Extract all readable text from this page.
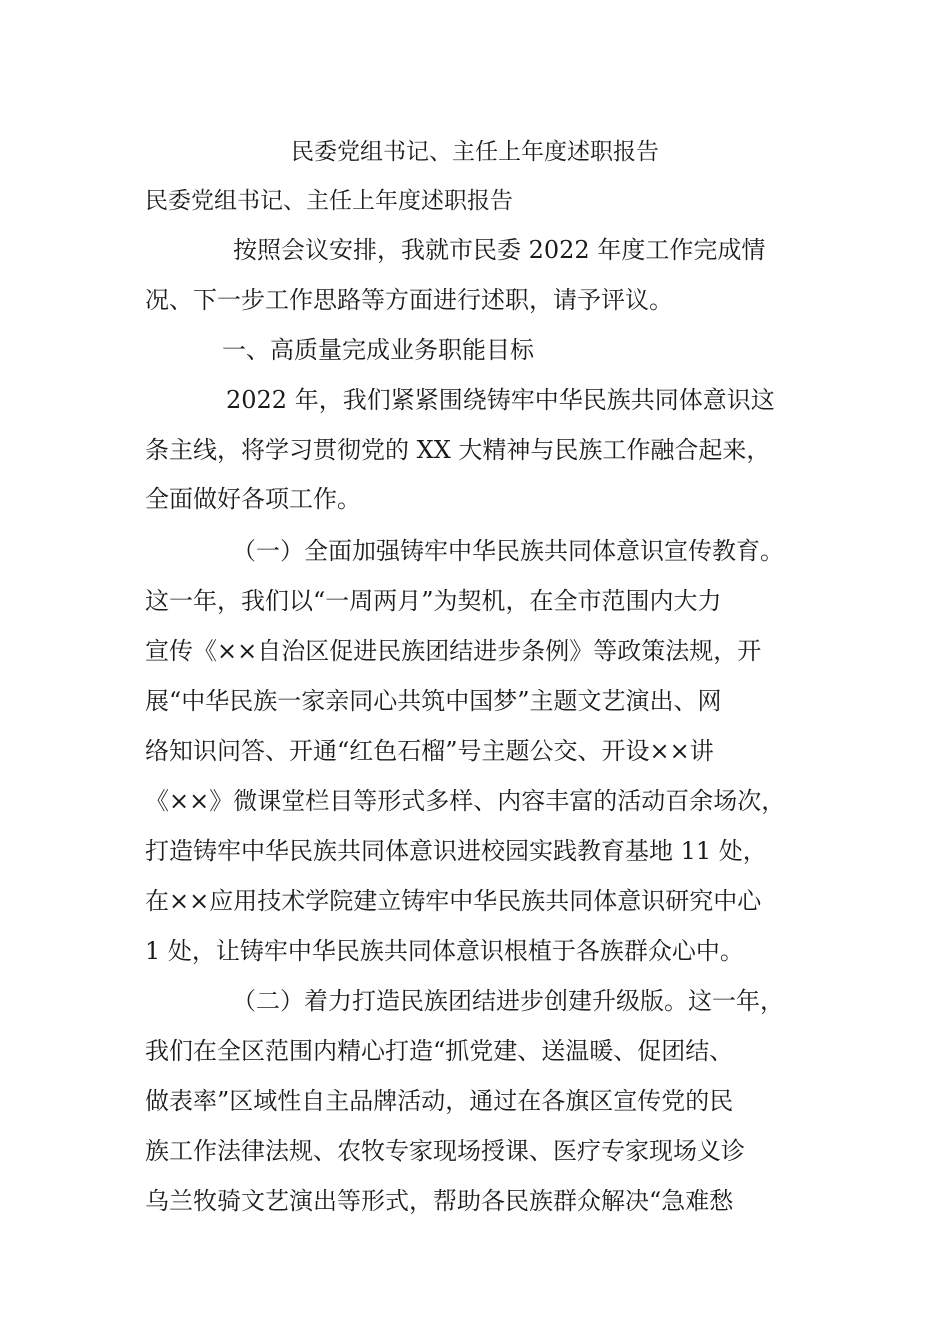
民委党组书记、主任上年度述职报告
民委党组书记、主任上年度述职报告
按照会议安排，我就市民委 2022 年度工作完成情
况、下一步工作思路等方面进行述职，请予评议。
一、高质量完成业务职能目标
2022 年，我们紧紧围绕铸牢中华民族共同体意识这
条主线，将学习贯彻党的 XX 大精神与民族工作融合起来，
全面做好各项工作。
（一）全面加强铸牢中华民族共同体意识宣传教育。
这一年，我们以“一周两月”为契机，在全市范围内大力
宣传《××自治区促进民族团结进步条例》等政策法规，开
展“中华民族一家亲同心共筑中国梦”主题文艺演出、网
络知识问答、开通“红色石榴”号主题公交、开设××讲
《××》微课堂栏目等形式多样、内容丰富的活动百余场次，
打造铸牢中华民族共同体意识进校园实践教育基地 11 处，
在××应用技术学院建立铸牢中华民族共同体意识研究中心
1 处，让铸牢中华民族共同体意识根植于各族群众心中。
（二）着力打造民族团结进步创建升级版。这一年，
我们在全区范围内精心打造“抓党建、送温暖、促团结、
做表率”区域性自主品牌活动，通过在各旗区宣传党的民
族工作法律法规、农牧专家现场授课、医疗专家现场义诊
乌兰牧骑文艺演出等形式，帮助各民族群众解决“急难愁
